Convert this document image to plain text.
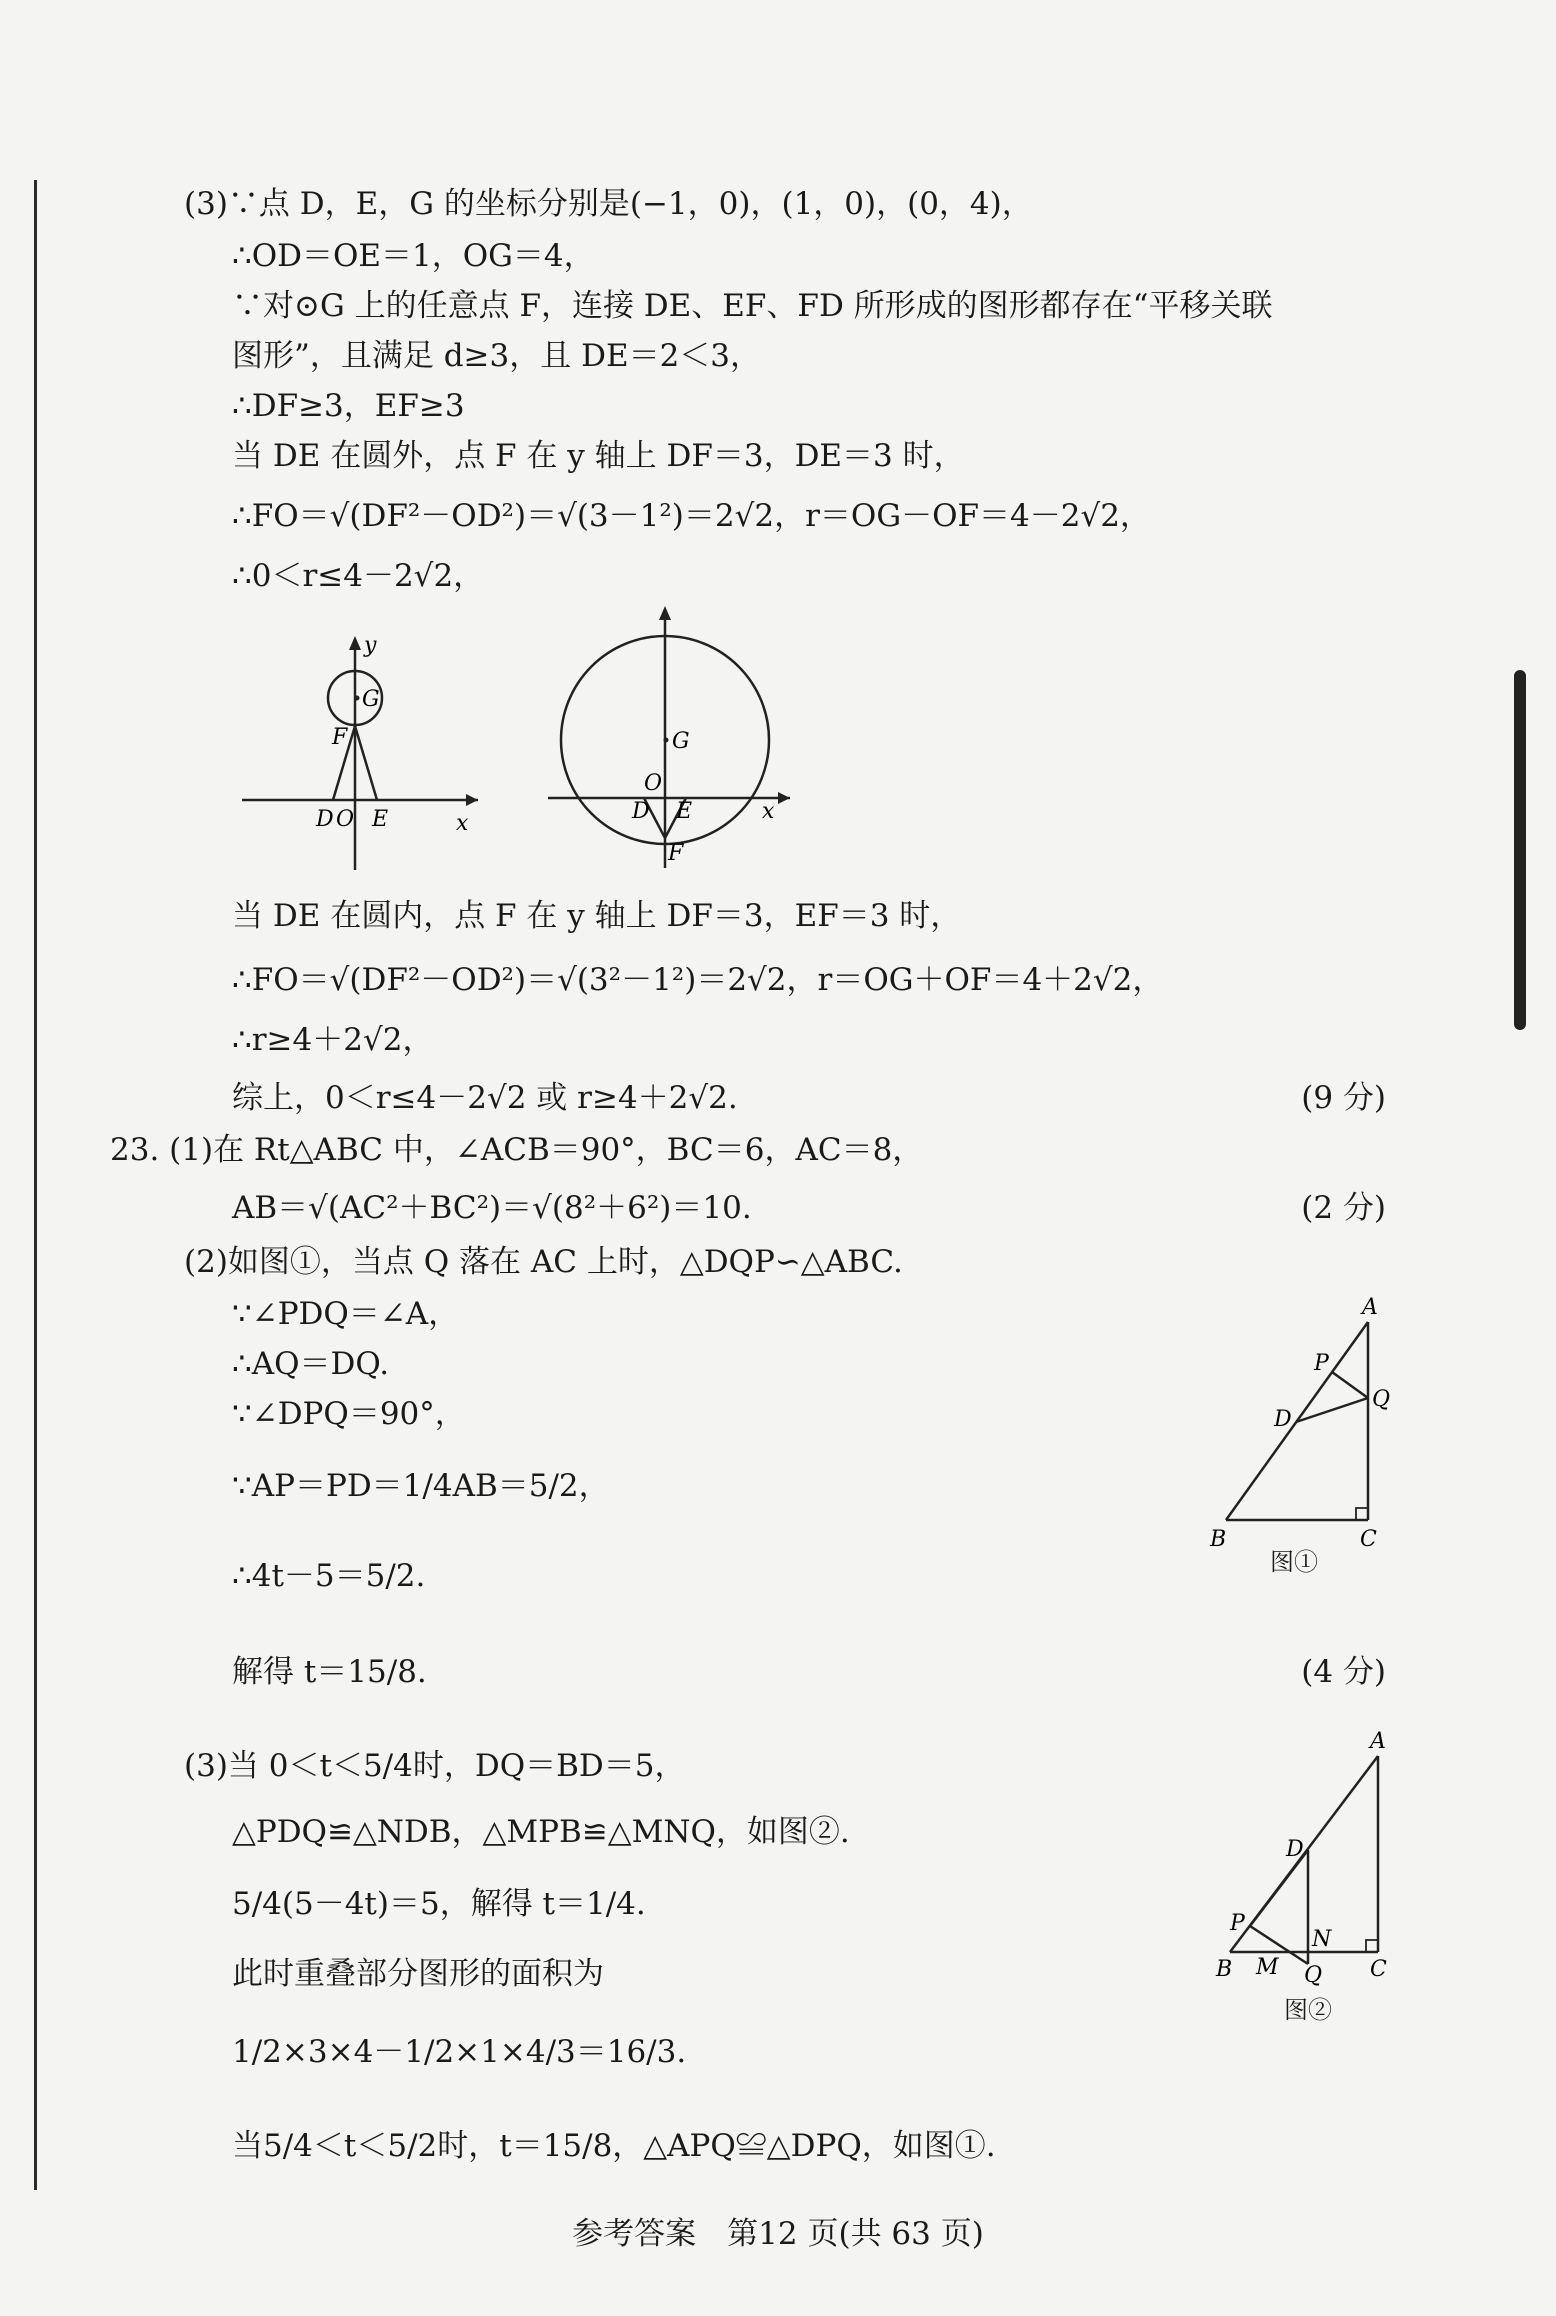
(3)∵点 D，E，G 的坐标分别是(−1，0)，(1，0)，(0，4)，
∴OD＝OE＝1，OG＝4，
∵对⊙G 上的任意点 F，连接 DE、EF、FD 所形成的图形都存在“平移关联
图形”，且满足 d≥3，且 DE＝2＜3，
∴DF≥3，EF≥3
当 DE 在圆外，点 F 在 y 轴上 DF＝3，DE＝3 时，
∴FO＝√(DF²－OD²)＝√(3－1²)＝2√2，r＝OG－OF＝4－2√2，
∴0＜r≤4－2√2，
y
G
F
D O E	x
G
O
D E
F
x
当 DE 在圆内，点 F 在 y 轴上 DF＝3，EF＝3 时，
∴FO＝√(DF²－OD²)＝√(3²－1²)＝2√2，r＝OG＋OF＝4＋2√2，
∴r≥4＋2√2，
综上，0＜r≤4－2√2 或 r≥4＋2√2.	(9 分)
23. (1)在 Rt△ABC 中，∠ACB＝90°，BC＝6，AC＝8，
AB＝√(AC²＋BC²)＝√(8²＋6²)＝10.	(2 分)
(2)如图①，当点 Q 落在 AC 上时，△DQP∽△ABC.
∵∠PDQ＝∠A，
∴AQ＝DQ.
∵∠DPQ＝90°，
∵AP＝PD＝1/4AB＝5/2，
∴4t－5＝5/2.
解得 t＝15/8.	(4 分)
A
P
Q
D
B	C
图①
(3)当 0＜t＜5/4时，DQ＝BD＝5，
△PDQ≌△NDB，△MPB≌△MNQ，如图②.
5/4(5－4t)＝5，解得 t＝1/4.
此时重叠部分图形的面积为
1/2×3×4－1/2×1×4/3＝16/3.
当5/4＜t＜5/2时，t＝15/8，△APQ≌△DPQ，如图①.
A
D
P
N
B M Q C
图②
参考答案　第12 页(共 63 页)
